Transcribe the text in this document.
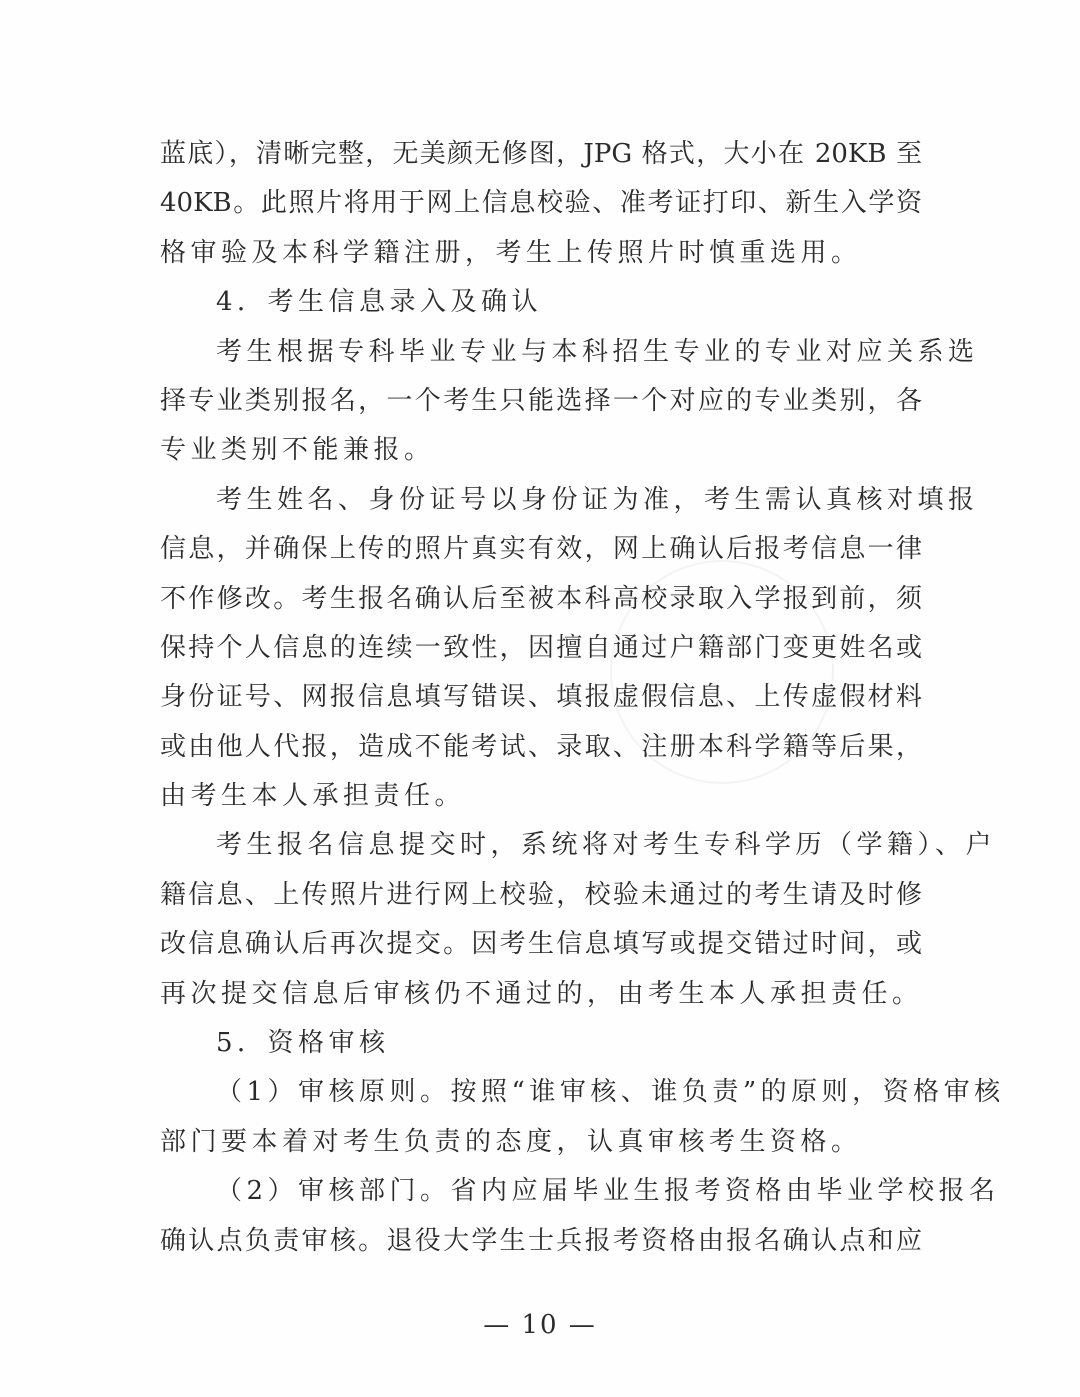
蓝底），清晰完整，无美颜无修图，JPG 格式，大小在 20KB 至
40KB。此照片将用于网上信息校验、准考证打印、新生入学资
格审验及本科学籍注册，考生上传照片时慎重选用。
4．考生信息录入及确认
考生根据专科毕业专业与本科招生专业的专业对应关系选
择专业类别报名，一个考生只能选择一个对应的专业类别，各
专业类别不能兼报。
考生姓名、身份证号以身份证为准，考生需认真核对填报
信息，并确保上传的照片真实有效，网上确认后报考信息一律
不作修改。考生报名确认后至被本科高校录取入学报到前，须
保持个人信息的连续一致性，因擅自通过户籍部门变更姓名或
身份证号、网报信息填写错误、填报虚假信息、上传虚假材料
或由他人代报，造成不能考试、录取、注册本科学籍等后果，
由考生本人承担责任。
考生报名信息提交时，系统将对考生专科学历（学籍）、户
籍信息、上传照片进行网上校验，校验未通过的考生请及时修
改信息确认后再次提交。因考生信息填写或提交错过时间，或
再次提交信息后审核仍不通过的，由考生本人承担责任。
5．资格审核
（1）审核原则。按照“谁审核、谁负责”的原则，资格审核
部门要本着对考生负责的态度，认真审核考生资格。
（2）审核部门。省内应届毕业生报考资格由毕业学校报名
确认点负责审核。退役大学生士兵报考资格由报名确认点和应
— 10 —
